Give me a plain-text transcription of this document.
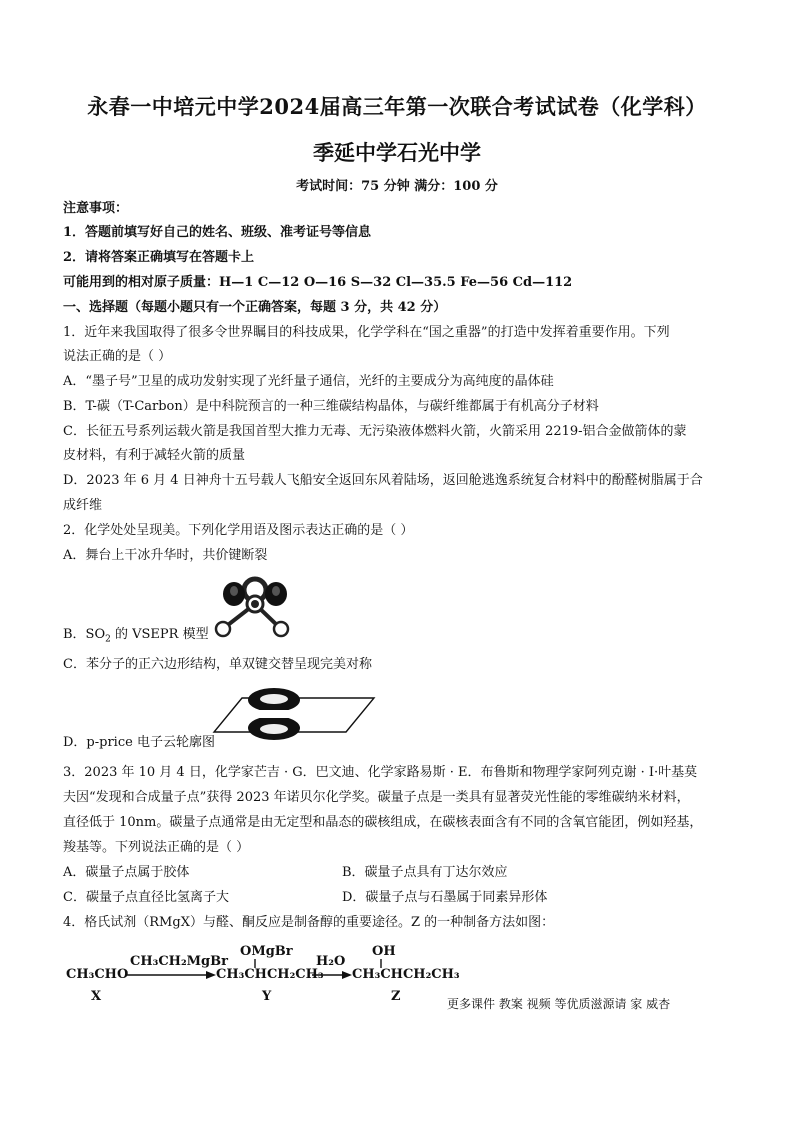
永春一中培元中学2024届高三年第一次联合考试试卷（化学科）
季延中学石光中学
考试时间：75 分钟 满分：100 分
注意事项：
1．答题前填写好自己的姓名、班级、准考证号等信息
2．请将答案正确填写在答题卡上
可能用到的相对原子质量：H—1 C—12 O—16 S—32 Cl—35.5 Fe—56 Cd—112
一、选择题（每题小题只有一个正确答案，每题 3 分，共 42 分）
1．近年来我国取得了很多令世界瞩目的科技成果，化学学科在“国之重器”的打造中发挥着重要作用。下列
说法正确的是（ ）
A．“墨子号”卫星的成功发射实现了光纤量子通信，光纤的主要成分为高纯度的晶体硅
B．T-碳（T-Carbon）是中科院预言的一种三维碳结构晶体，与碳纤维都属于有机高分子材料
C．长征五号系列运载火箭是我国首型大推力无毒、无污染液体燃料火箭，火箭采用 2219-铝合金做箭体的蒙
皮材料，有利于减轻火箭的质量
D．2023 年 6 月 4 日神舟十五号载人飞船安全返回东风着陆场，返回舱逃逸系统复合材料中的酚醛树脂属于合
成纤维
2．化学处处呈现美。下列化学用语及图示表达正确的是（ ）
A．舞台上干冰升华时，共价键断裂
B．$SO_2$ 的 VSEPR 模型
C．苯分子的正六边形结构，单双键交替呈现完美对称
D．p-price 电子云轮廓图
3．2023 年 10 月 4 日，化学家芒吉 · G．巴文迪、化学家路易斯 · E．布鲁斯和物理学家阿列克谢 · I·叶基莫
夫因“发现和合成量子点”获得 2023 年诺贝尔化学奖。碳量子点是一类具有显著荧光性能的零维碳纳米材料，
直径低于 10nm。碳量子点通常是由无定型和晶态的碳核组成，在碳核表面含有不同的含氧官能团，例如羟基，
羧基等。下列说法正确的是（ ）
A．碳量子点属于胶体	B．碳量子点具有丁达尔效应
C．碳量子点直径比氢离子大	D．碳量子点与石墨属于同素异形体
4．格氏试剂（RMgX）与醛、酮反应是制备醇的重要途径。Z 的一种制备方法如图：
CH₃CHO
CH₃CH₂MgBr
OMgBr
CH₃CHCH₂CH₃
H₂O
OH
CH₃CHCH₂CH₃
X	Y	Z	更多课件 教案 视频 等优质滋源请 家 威杏
